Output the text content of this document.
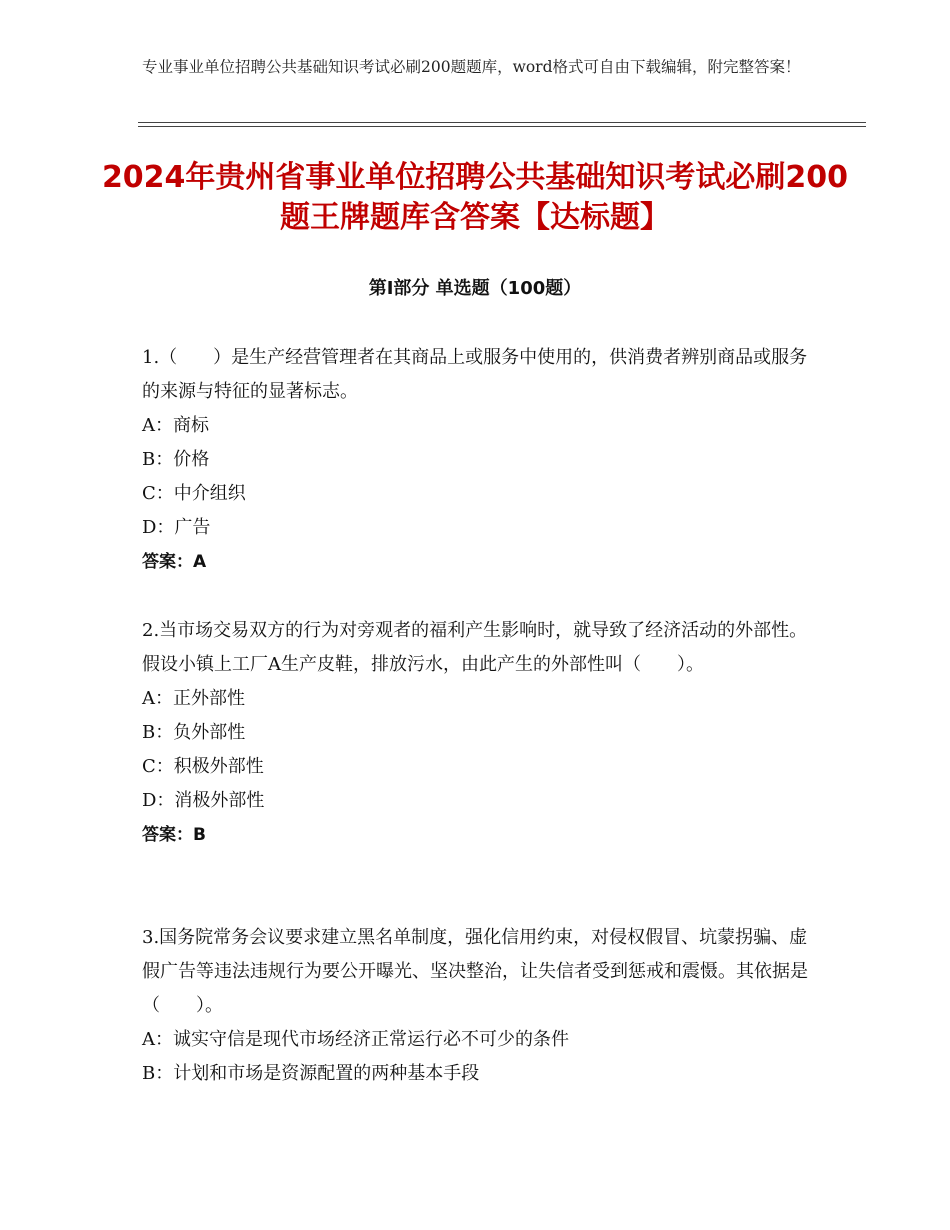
专业事业单位招聘公共基础知识考试必刷200题题库，word格式可自由下载编辑，附完整答案！
2024年贵州省事业单位招聘公共基础知识考试必刷200题王牌题库含答案【达标题】
第Ⅰ部分 单选题（100题）

1.（　　）是生产经营管理者在其商品上或服务中使用的，供消费者辨别商品或服务的来源与特征的显著标志。

A：商标

B：价格

C：中介组织

D：广告

答案：A

2.当市场交易双方的行为对旁观者的福利产生影响时，就导致了经济活动的外部性。假设小镇上工厂A生产皮鞋，排放污水，由此产生的外部性叫（　　）。

A：正外部性

B：负外部性

C：积极外部性

D：消极外部性

答案：B

3.国务院常务会议要求建立黑名单制度，强化信用约束，对侵权假冒、坑蒙拐骗、虚假广告等违法违规行为要公开曝光、坚决整治，让失信者受到惩戒和震慑。其依据是（　　）。

A：诚实守信是现代市场经济正常运行必不可少的条件

B：计划和市场是资源配置的两种基本手段
